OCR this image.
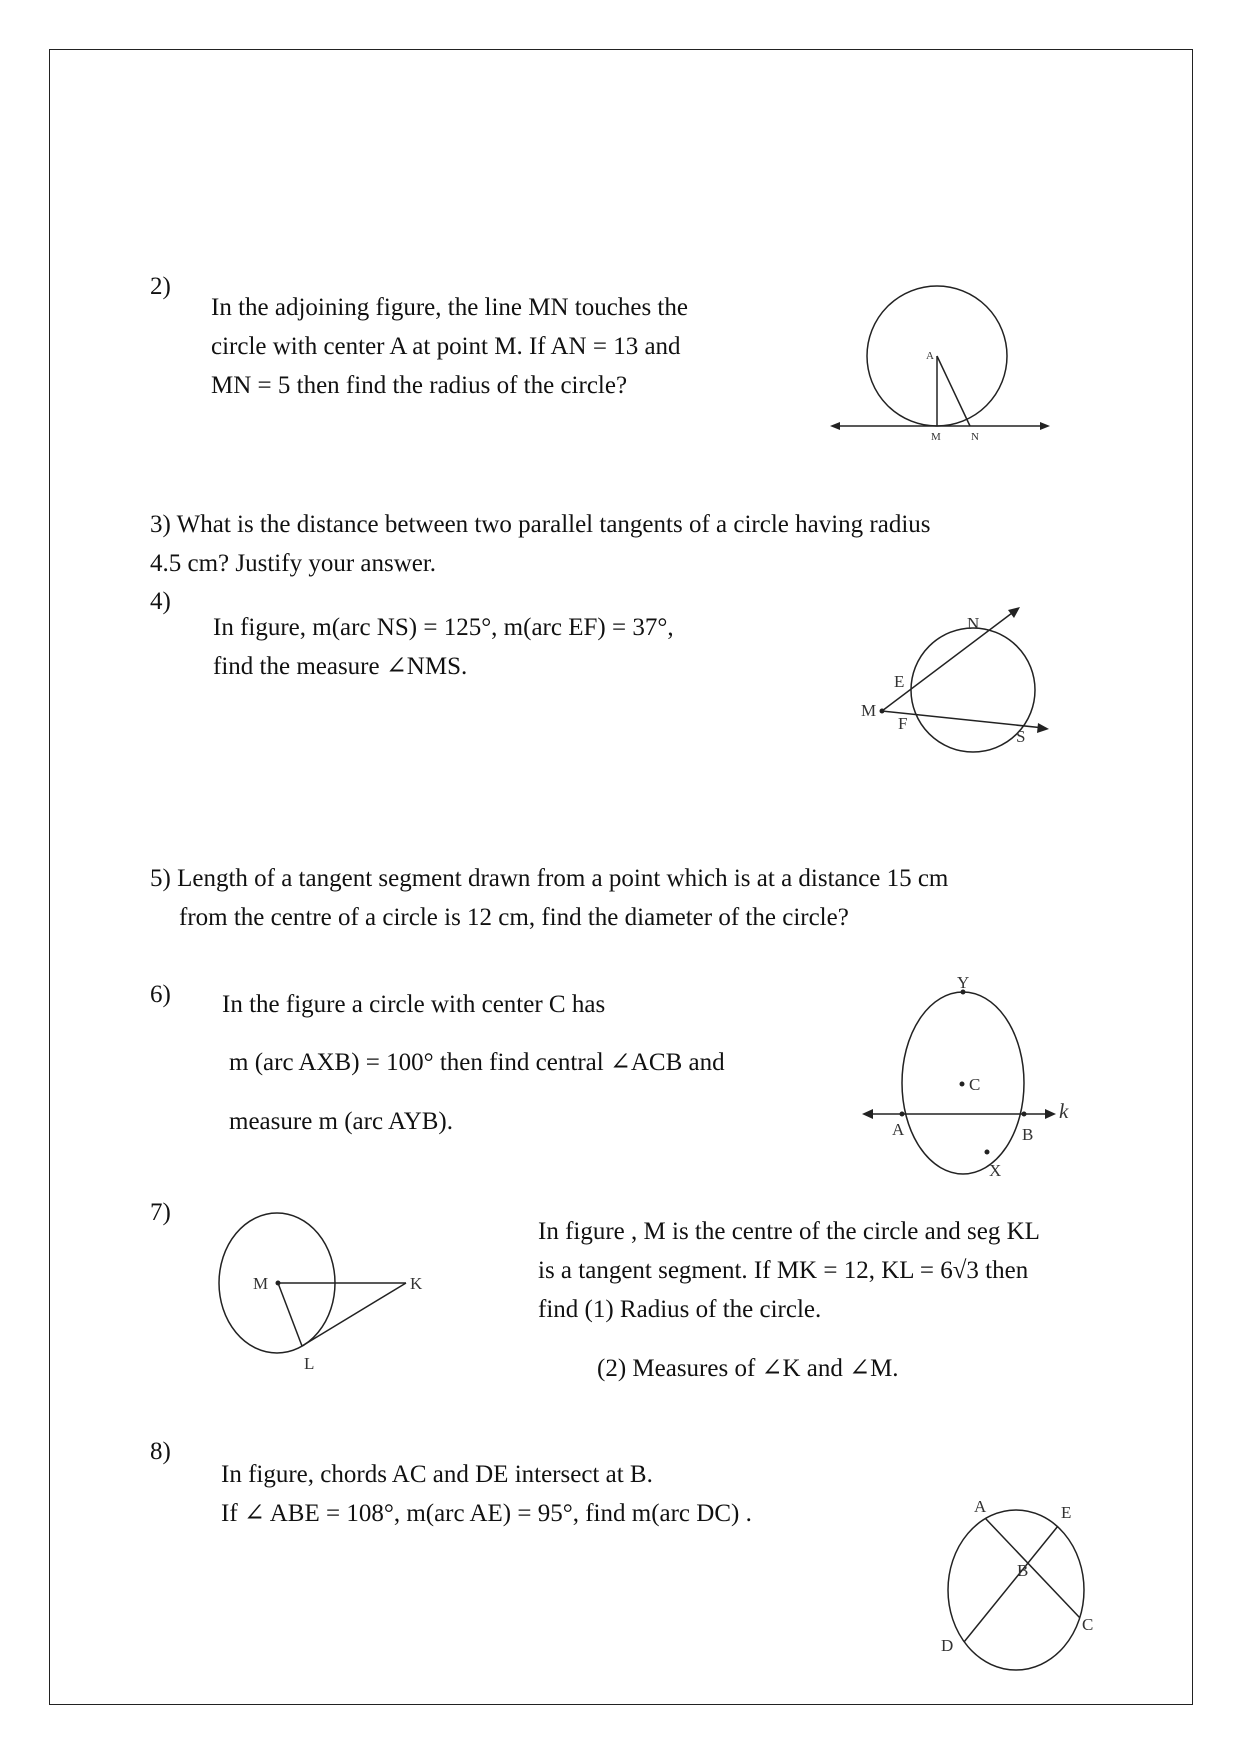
2)
In the adjoining figure, the line MN touches the
circle with center A at point M. If AN = 13 and
MN = 5 then find the radius of the circle?
A
M	N
3) What is the distance between two parallel tangents of a circle having radius
4.5 cm? Justify your answer.
4)
In figure, m(arc NS) = 125°, m(arc EF) = 37°,
find the measure ∠NMS.
N
E
M
F
S
5) Length of a tangent segment drawn from a point which is at a distance 15 cm
from the centre of a circle is 12 cm, find the diameter of the circle?
6) In the figure a circle with center C has
m (arc AXB) = 100° then find central ∠ACB and
measure m (arc AYB).
Y
C
k
A	B
X
7)
In figure , M is the centre of the circle and seg KL
is a tangent segment. If MK = 12, KL = 6√3 then
find (1) Radius of the circle.
(2) Measures of ∠K and ∠M.
M	K
L
8)
In figure, chords AC and DE intersect at B.
If ∠ ABE = 108°, m(arc AE) = 95°, find m(arc DC) .	A	E
B
D
C
